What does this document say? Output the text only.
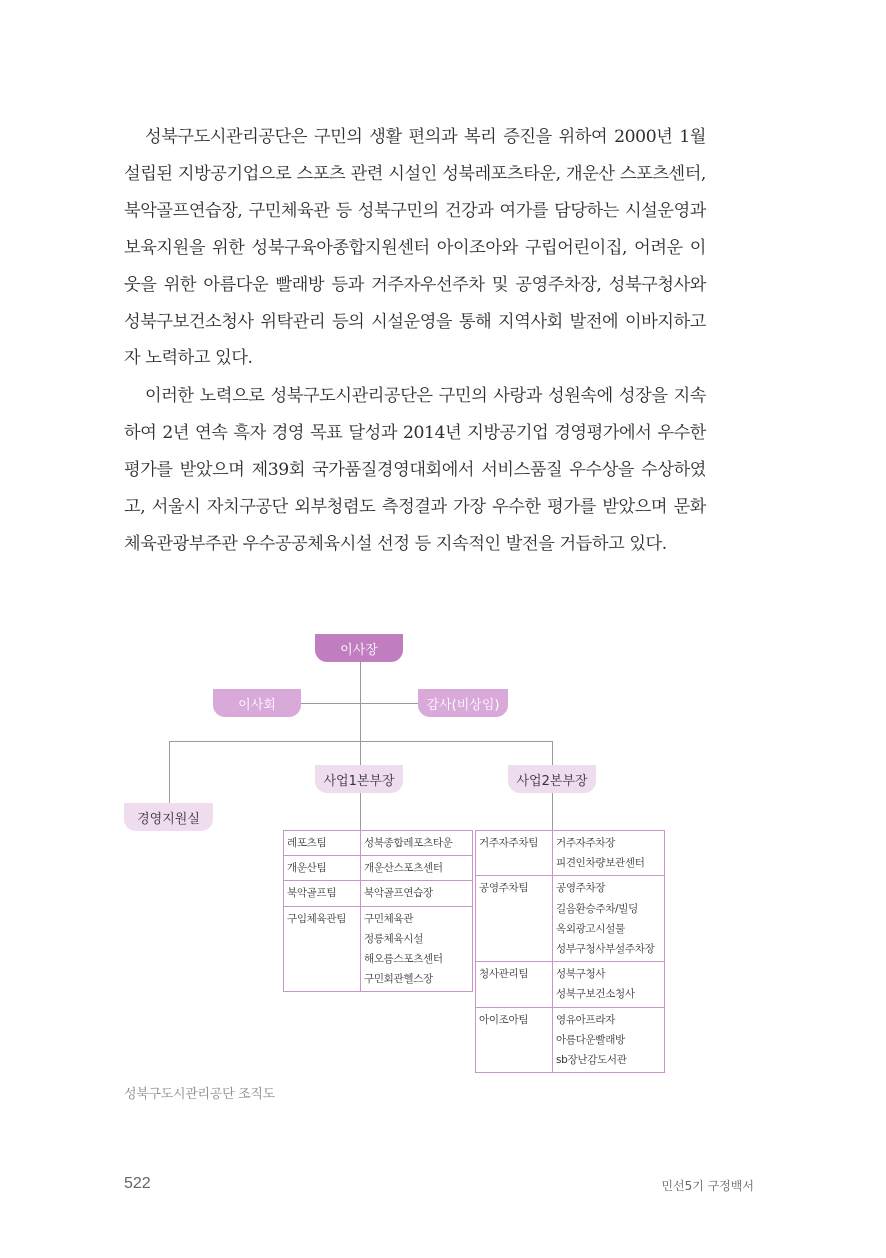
성북구도시관리공단은 구민의 생활 편의과 복리 증진을 위하여 2000년 1월 설립된 지방공기업으로 스포츠 관련 시설인 성북레포츠타운, 개운산 스포츠센터, 북악골프연습장, 구민체육관 등 성북구민의 건강과 여가를 담당하는 시설운영과 보육지원을 위한 성북구육아종합지원센터 아이조아와 구립어린이집, 어려운 이웃을 위한 아름다운 빨래방 등과 거주자우선주차 및 공영주차장, 성북구청사와 성북구보건소청사 위탁관리 등의 시설운영을 통해 지역사회 발전에 이바지하고자 노력하고 있다.

이러한 노력으로 성북구도시관리공단은 구민의 사랑과 성원속에 성장을 지속하여 2년 연속 흑자 경영 목표 달성과 2014년 지방공기업 경영평가에서 우수한 평가를 받았으며 제39회 국가품질경영대회에서 서비스품질 우수상을 수상하였고, 서울시 자치구공단 외부청렴도 측정결과 가장 우수한 평가를 받았으며 문화체육관광부주관 우수공공체육시설 선정 등 지속적인 발전을 거듭하고 있다.

이사장
이사회	감사(비상임)
사업1본부장	사업2본부장
경영지원실
레포츠팀	성북종합레포츠타운

개운산팀	개운산스포츠센터

북악골프팀	북악골프연습장

구임체육관팀	구민체육관
정릉체육시설
해오름스포츠센터
구민회관헬스장
거주자주차팀	거주자주차장
피견인차량보관센터

공영주차팀	공영주차장
길음환승주차/빌딩
옥외광고시설물
성부구청사부설주차장

청사관리팀	성북구청사
성북구보건소청사

아이조아팀	영유아프라자
아름다운빨래방
sb장난감도서관
성북구도시관리공단 조직도
522	민선5기 구정백서
